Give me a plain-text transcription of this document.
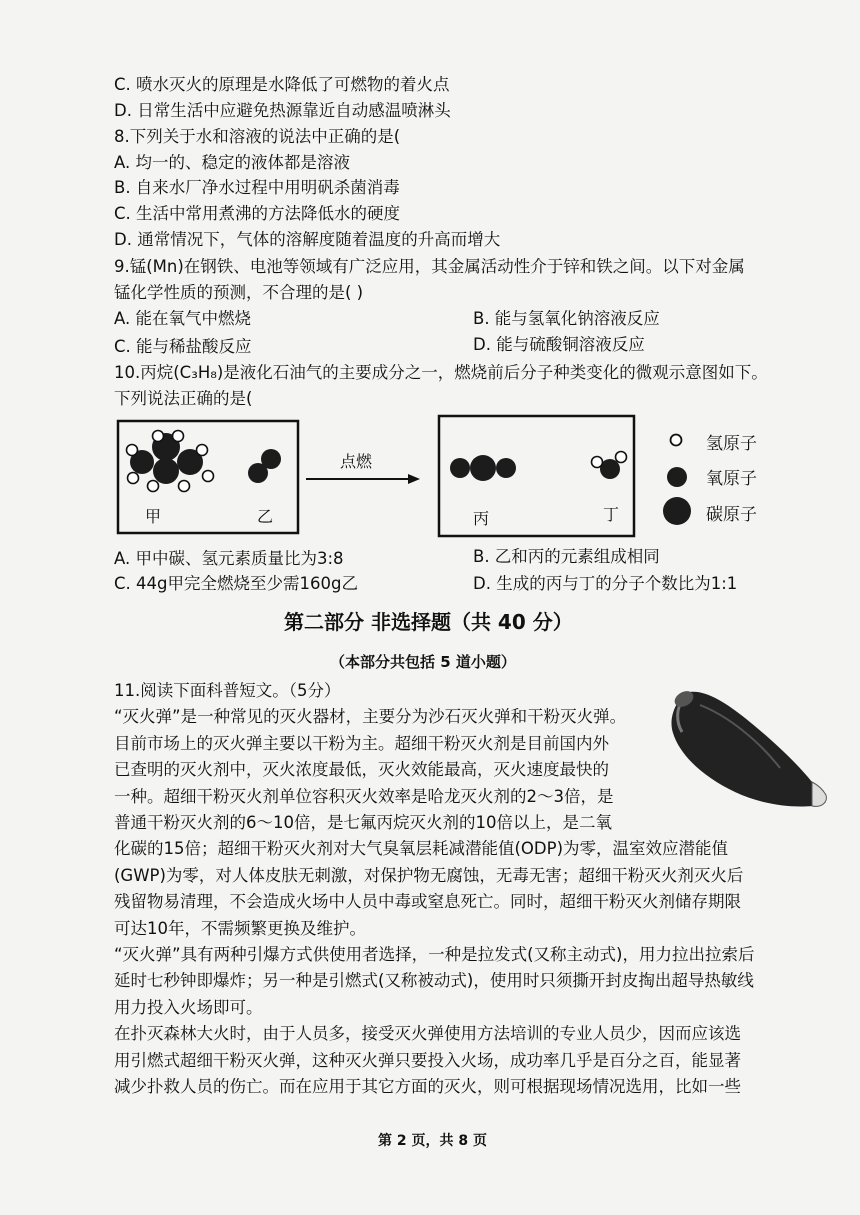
C. 喷水灭火的原理是水降低了可燃物的着火点
D. 日常生活中应避免热源靠近自动感温喷淋头
8.下列关于水和溶液的说法中正确的是(
A. 均一的、稳定的液体都是溶液
B. 自来水厂净水过程中用明矾杀菌消毒
C. 生活中常用煮沸的方法降低水的硬度
D. 通常情况下，气体的溶解度随着温度的升高而增大
9.锰(Mn)在钢铁、电池等领域有广泛应用，其金属活动性介于锌和铁之间。以下对金属
锰化学性质的预测，不合理的是( )
A. 能在氧气中燃烧	B. 能与氢氧化钠溶液反应
C. 能与稀盐酸反应	D. 能与硫酸铜溶液反应
10.丙烷(C₃H₈)是液化石油气的主要成分之一，燃烧前后分子种类变化的微观示意图如下。
下列说法正确的是(
甲	乙
点燃
丙	丁
氢原子
氧原子
碳原子
A. 甲中碳、氢元素质量比为3:8	B. 乙和丙的元素组成相同
C. 44g甲完全燃烧至少需160g乙	D. 生成的丙与丁的分子个数比为1:1
第二部分 非选择题（共 40 分）
（本部分共包括 5 道小题）
11.阅读下面科普短文。（5分）
“灭火弹”是一种常见的灭火器材，主要分为沙石灭火弹和干粉灭火弹。
目前市场上的灭火弹主要以干粉为主。超细干粉灭火剂是目前国内外
已查明的灭火剂中，灭火浓度最低，灭火效能最高，灭火速度最快的
一种。超细干粉灭火剂单位容积灭火效率是哈龙灭火剂的2～3倍，是
普通干粉灭火剂的6～10倍，是七氟丙烷灭火剂的10倍以上，是二氧
化碳的15倍；超细干粉灭火剂对大气臭氧层耗减潜能值(ODP)为零，温室效应潜能值
(GWP)为零，对人体皮肤无刺激，对保护物无腐蚀，无毒无害；超细干粉灭火剂灭火后
残留物易清理，不会造成火场中人员中毒或窒息死亡。同时，超细干粉灭火剂储存期限
可达10年，不需频繁更换及维护。
“灭火弹”具有两种引爆方式供使用者选择，一种是拉发式(又称主动式)，用力拉出拉索后
延时七秒钟即爆炸；另一种是引燃式(又称被动式)，使用时只须撕开封皮掏出超导热敏线
用力投入火场即可。
在扑灭森林大火时，由于人员多，接受灭火弹使用方法培训的专业人员少，因而应该选
用引燃式超细干粉灭火弹，这种灭火弹只要投入火场，成功率几乎是百分之百，能显著
减少扑救人员的伤亡。而在应用于其它方面的灭火，则可根据现场情况选用，比如一些
第 2 页，共 8 页
